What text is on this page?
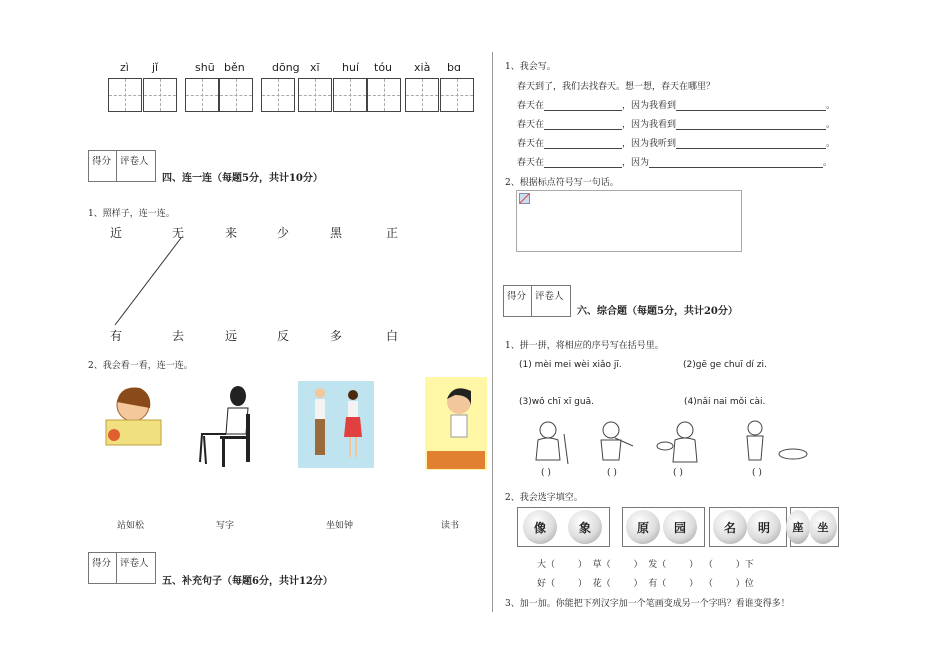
zì jǐ	shū běn dōng xī huí tóu xià bɑ
得分 评卷人
四、连一连（每题5分，共计10分）
1、照样子，连一连。
近	无	来	少	黑	正
有	去	远	反	多	白
2、我会看一看，连一连。
站如松	写字	坐如钟	读书
得分 评卷人
五、补充句子（每题6分，共计12分）
1、我会写。
春天到了，我们去找春天。想一想，春天在哪里？
春天在	，因为我看到	。
春天在	，因为我看到	。
春天在	，因为我听到	。
春天在	，因为	。
2、根据标点符号写一句话。
得分 评卷人
六、综合题（每题5分，共计20分）
1、拼一拼，将相应的序号写在括号里。
(1) mèi mei wèi xiǎo jī.	(2)gē ge chuī dí zi.
(3)wǒ chī xī guā.	(4)nǎi nai mǒi cài.
( )	( )	( )	( )
2、我会选字填空。
像	象	原	园	名	明	座	坐
大（        ）  草（        ）  发（        ）  （        ）下
好（        ）  花（        ）  有（        ）  （        ）位
3、加一加。你能把下列汉字加一个笔画变成另一个字吗？看谁变得多！
